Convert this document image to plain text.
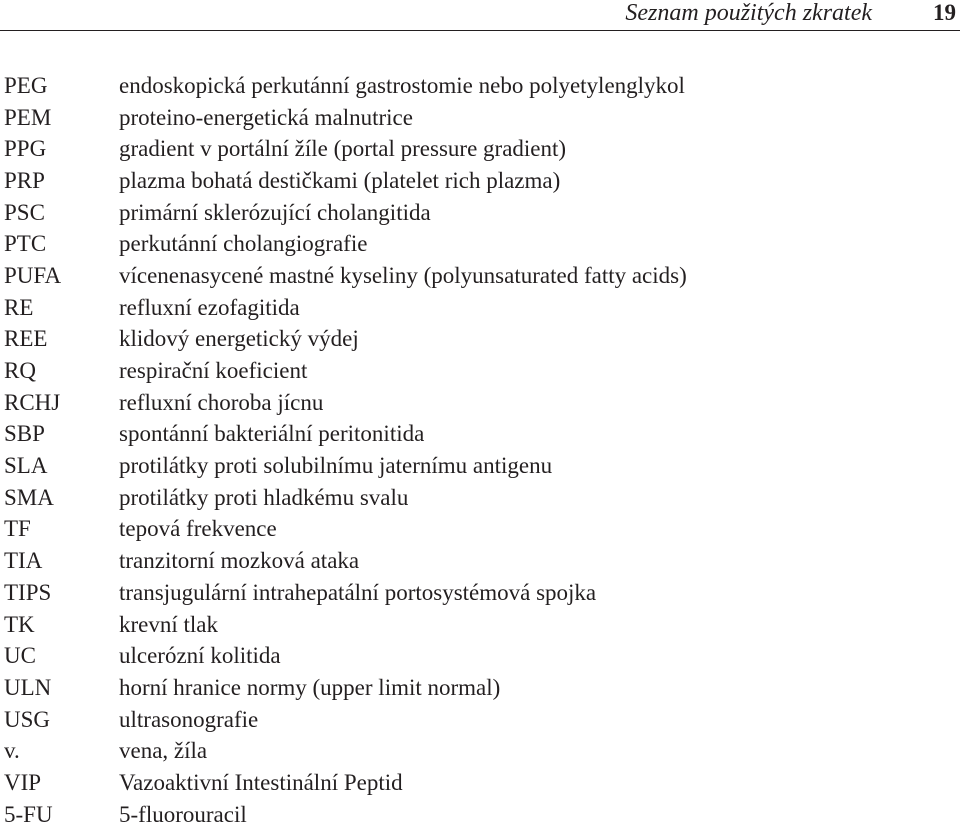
Seznam použitých zkratek	19
PEG	endoskopická perkutánní gastrostomie nebo polyetylenglykol
PEM	proteino-energetická malnutrice
PPG	gradient v portální žíle (portal pressure gradient)
PRP	plazma bohatá destičkami (platelet rich plazma)
PSC	primární sklerózující cholangitida
PTC	perkutánní cholangiografie
PUFA	vícenenasycené mastné kyseliny (polyunsaturated fatty acids)
RE	refluxní ezofagitida
REE	klidový energetický výdej
RQ	respirační koeficient
RCHJ	refluxní choroba jícnu
SBP	spontánní bakteriální peritonitida
SLA	protilátky proti solubilnímu jaternímu antigenu
SMA	protilátky proti hladkému svalu
TF	tepová frekvence
TIA	tranzitorní mozková ataka
TIPS	transjugulární intrahepatální portosystémová spojka
TK	krevní tlak
UC	ulcerózní kolitida
ULN	horní hranice normy (upper limit normal)
USG	ultrasonografie
v.	vena, žíla
VIP	Vazoaktivní Intestinální Peptid
5-FU	5-fluorouracil
